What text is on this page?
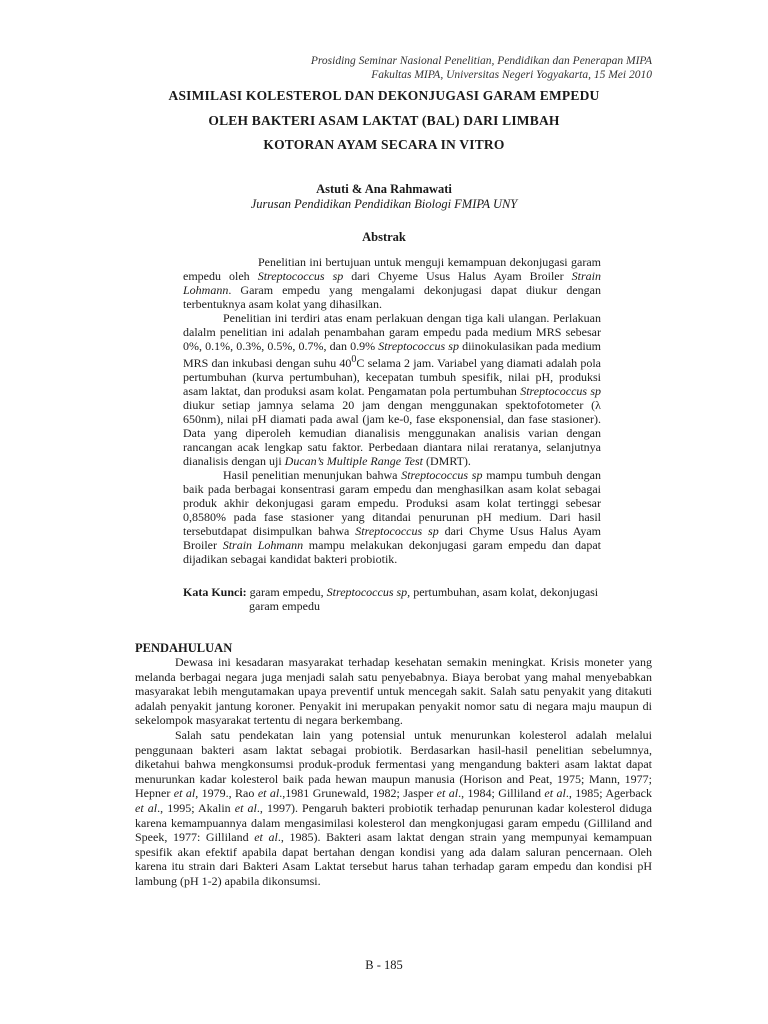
Prosiding Seminar Nasional Penelitian, Pendidikan dan Penerapan MIPA
Fakultas MIPA, Universitas Negeri Yogyakarta, 15 Mei 2010
ASIMILASI KOLESTEROL DAN DEKONJUGASI GARAM EMPEDU
OLEH BAKTERI ASAM LAKTAT (BAL) DARI LIMBAH
KOTORAN AYAM SECARA IN VITRO
Astuti & Ana Rahmawati
Jurusan Pendidikan Pendidikan Biologi FMIPA UNY
Abstrak

Penelitian ini bertujuan untuk menguji kemampuan dekonjugasi garam empedu oleh Streptococcus sp dari Chyeme Usus Halus Ayam Broiler Strain Lohmann. Garam empedu yang mengalami dekonjugasi dapat diukur dengan terbentuknya asam kolat yang dihasilkan.

Penelitian ini terdiri atas enam perlakuan dengan tiga kali ulangan. Perlakuan dalalm penelitian ini adalah penambahan garam empedu pada medium MRS sebesar 0%, 0.1%, 0.3%, 0.5%, 0.7%, dan 0.9% Streptococcus sp diinokulasikan pada medium MRS dan inkubasi dengan suhu $40^0C$ selama 2 jam. Variabel yang diamati adalah pola pertumbuhan (kurva pertumbuhan), kecepatan tumbuh spesifik, nilai pH, produksi asam laktat, dan produksi asam kolat. Pengamatan pola pertumbuhan Streptococcus sp diukur setiap jamnya selama 20 jam dengan menggunakan spektofotometer (λ 650nm), nilai pH diamati pada awal (jam ke-0, fase eksponensial, dan fase stasioner). Data yang diperoleh kemudian dianalisis menggunakan analisis varian dengan rancangan acak lengkap satu faktor. Perbedaan diantara nilai reratanya, selanjutnya dianalisis dengan uji Ducan’s Multiple Range Test (DMRT).

Hasil penelitian menunjukan bahwa Streptococcus sp mampu tumbuh dengan baik pada berbagai konsentrasi garam empedu dan menghasilkan asam kolat sebagai produk akhir dekonjugasi garam empedu. Produksi asam kolat tertinggi sebesar 0,8580% pada fase stasioner yang ditandai penurunan pH medium. Dari hasil tersebutdapat disimpulkan bahwa Streptococcus sp dari Chyme Usus Halus Ayam Broiler Strain Lohmann mampu melakukan dekonjugasi garam empedu dan dapat dijadikan sebagai kandidat bakteri probiotik.

Kata Kunci: garam empedu, Streptococcus sp, pertumbuhan, asam kolat, dekonjugasi
garam empedu
PENDAHULUAN

Dewasa ini kesadaran masyarakat terhadap kesehatan semakin meningkat. Krisis moneter yang melanda berbagai negara juga menjadi salah satu penyebabnya. Biaya berobat yang mahal menyebabkan masyarakat lebih mengutamakan upaya preventif untuk mencegah sakit. Salah satu penyakit yang ditakuti adalah penyakit jantung koroner. Penyakit ini merupakan penyakit nomor satu di negara maju maupun di sekelompok masyarakat tertentu di negara berkembang.

Salah satu pendekatan lain yang potensial untuk menurunkan kolesterol adalah melalui penggunaan bakteri asam laktat sebagai probiotik. Berdasarkan hasil-hasil penelitian sebelumnya, diketahui bahwa mengkonsumsi produk-produk fermentasi yang mengandung bakteri asam laktat dapat menurunkan kadar kolesterol baik pada hewan maupun manusia (Horison and Peat, 1975; Mann, 1977; Hepner et al, 1979., Rao et al.,1981 Grunewald, 1982; Jasper et al., 1984; Gilliland et al., 1985; Agerback et al., 1995; Akalin et al., 1997). Pengaruh bakteri probiotik terhadap penurunan kadar kolesterol diduga karena kemampuannya dalam mengasimilasi kolesterol dan mengkonjugasi garam empedu (Gilliland and Speek, 1977: Gilliland et al., 1985). Bakteri asam laktat dengan strain yang mempunyai kemampuan spesifik akan efektif apabila dapat bertahan dengan kondisi yang ada dalam saluran pencernaan. Oleh karena itu strain dari Bakteri Asam Laktat tersebut harus tahan terhadap garam empedu dan kondisi pH lambung (pH 1-2) apabila dikonsumsi.

B - 185
